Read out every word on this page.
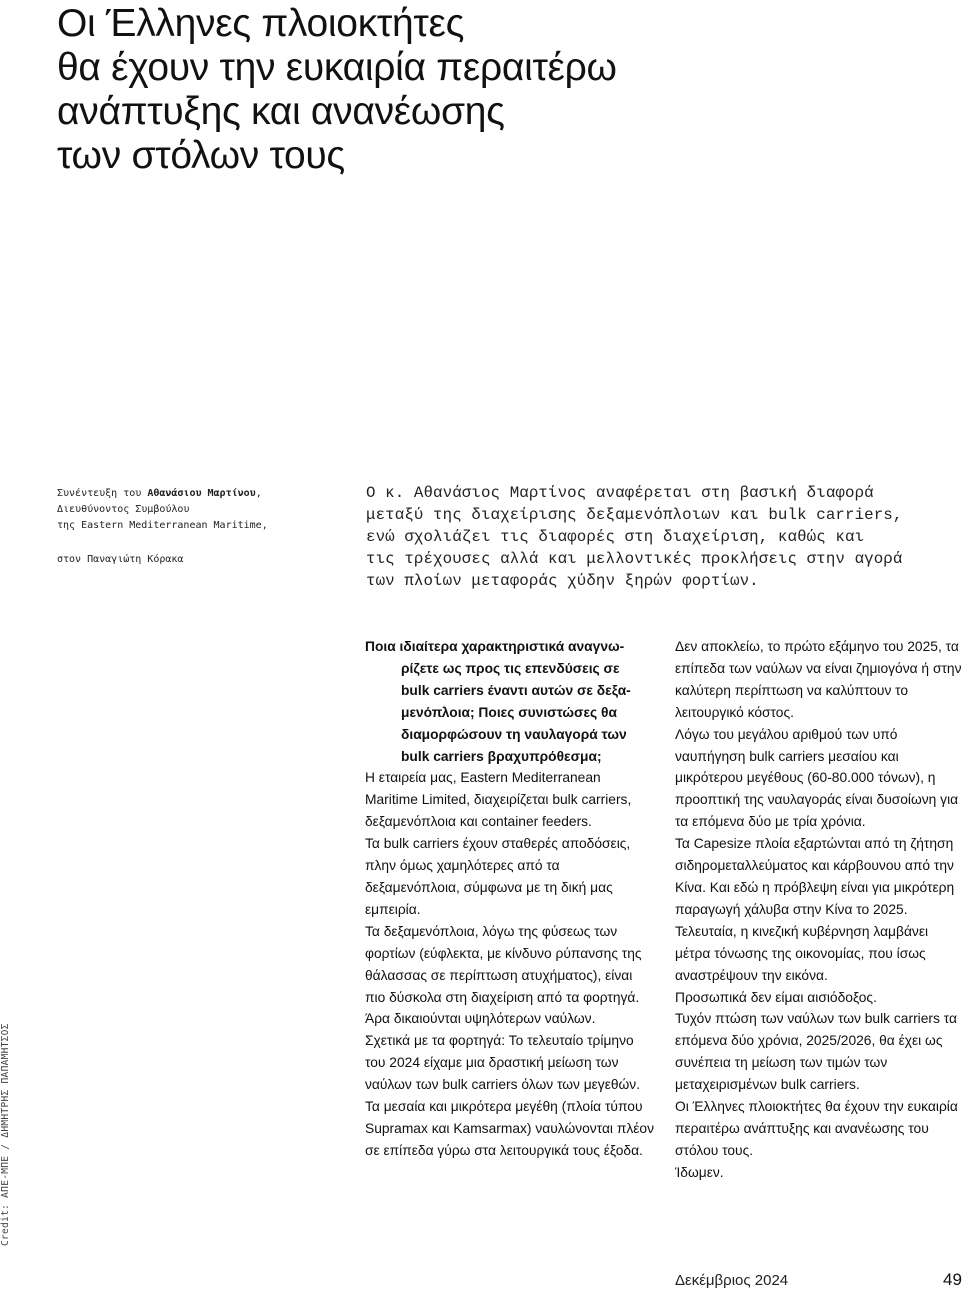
Οι Έλληνες πλοιοκτήτες
θα έχουν την ευκαιρία περαιτέρω
ανάπτυξης και ανανέωσης
των στόλων τους
Συνέντευξη του Αθανάσιου Μαρτίνου,
Διευθύνοντος Συμβούλου
της Eastern Mediterranean Maritime,
στον Παναγιώτη Κόρακα
Ο κ. Αθανάσιος Μαρτίνος αναφέρεται στη βασική διαφορά
μεταξύ της διαχείρισης δεξαμενόπλοιων και bulk carriers,
ενώ σχολιάζει τις διαφορές στη διαχείριση, καθώς και
τις τρέχουσες αλλά και μελλοντικές προκλήσεις στην αγορά
των πλοίων μεταφοράς χύδην ξηρών φορτίων.

Ποια ιδιαίτερα χαρακτηριστικά αναγνω-
ρίζετε ως προς τις επενδύσεις σε
bulk carriers έναντι αυτών σε δεξα-
μενόπλοια; Ποιες συνιστώσες θα
διαμορφώσουν τη ναυλαγορά των
bulk carriers βραχυπρόθεσμα;

Η εταιρεία μας, Eastern Mediterranean Maritime Limited, διαχειρίζεται bulk carriers, δεξαμενόπλοια και container feeders.

Τα bulk carriers έχουν σταθερές αποδόσεις, πλην όμως χαμηλότερες από τα δεξαμενόπλοια, σύμφωνα με τη δική μας εμπειρία.

Τα δεξαμενόπλοια, λόγω της φύσεως των φορτίων (εύφλεκτα, με κίνδυνο ρύπανσης της θάλασσας σε περίπτωση ατυχήματος), είναι πιο δύσκολα στη διαχείριση από τα φορτηγά. Άρα δικαιούνται υψηλότερων ναύλων.

Σχετικά με τα φορτηγά: Το τελευταίο τρίμηνο του 2024 είχαμε μια δραστική μείωση των ναύλων των bulk carriers όλων των μεγεθών.

Τα μεσαία και μικρότερα μεγέθη (πλοία τύπου Supramax και Kamsarmax) ναυλώνονται πλέον σε επίπεδα γύρω στα λειτουργικά τους έξοδα.

Δεν αποκλείω, το πρώτο εξάμηνο του 2025, τα επίπεδα των ναύλων να είναι ζημιογόνα ή στην καλύτερη περίπτωση να καλύπτουν το λειτουργικό κόστος.

Λόγω του μεγάλου αριθμού των υπό ναυπήγηση bulk carriers μεσαίου και μικρότερου μεγέθους (60-80.000 τόνων), η προοπτική της ναυλαγοράς είναι δυσοίωνη για τα επόμενα δύο με τρία χρόνια.

Τα Capesize πλοία εξαρτώνται από τη ζήτηση σιδηρομεταλλεύματος και κάρβουνου από την Κίνα. Και εδώ η πρόβλεψη είναι για μικρότερη παραγωγή χάλυβα στην Κίνα το 2025.

Τελευταία, η κινεζική κυβέρνηση λαμβάνει μέτρα τόνωσης της οικονομίας, που ίσως αναστρέψουν την εικόνα.

Προσωπικά δεν είμαι αισιόδοξος.

Τυχόν πτώση των ναύλων των bulk carriers τα επόμενα δύο χρόνια, 2025/2026, θα έχει ως συνέπεια τη μείωση των τιμών των μεταχειρισμένων bulk carriers.

Οι Έλληνες πλοιοκτήτες θα έχουν την ευκαιρία περαιτέρω ανάπτυξης και ανανέωσης του στόλου τους.

Ίδωμεν.

Credit: ΑΠΕ-ΜΠΕ / ΔΗΜΗΤΡΗΣ ΠΑΠΑΜΗΤΣΟΣ
Δεκέμβριος 2024	49
